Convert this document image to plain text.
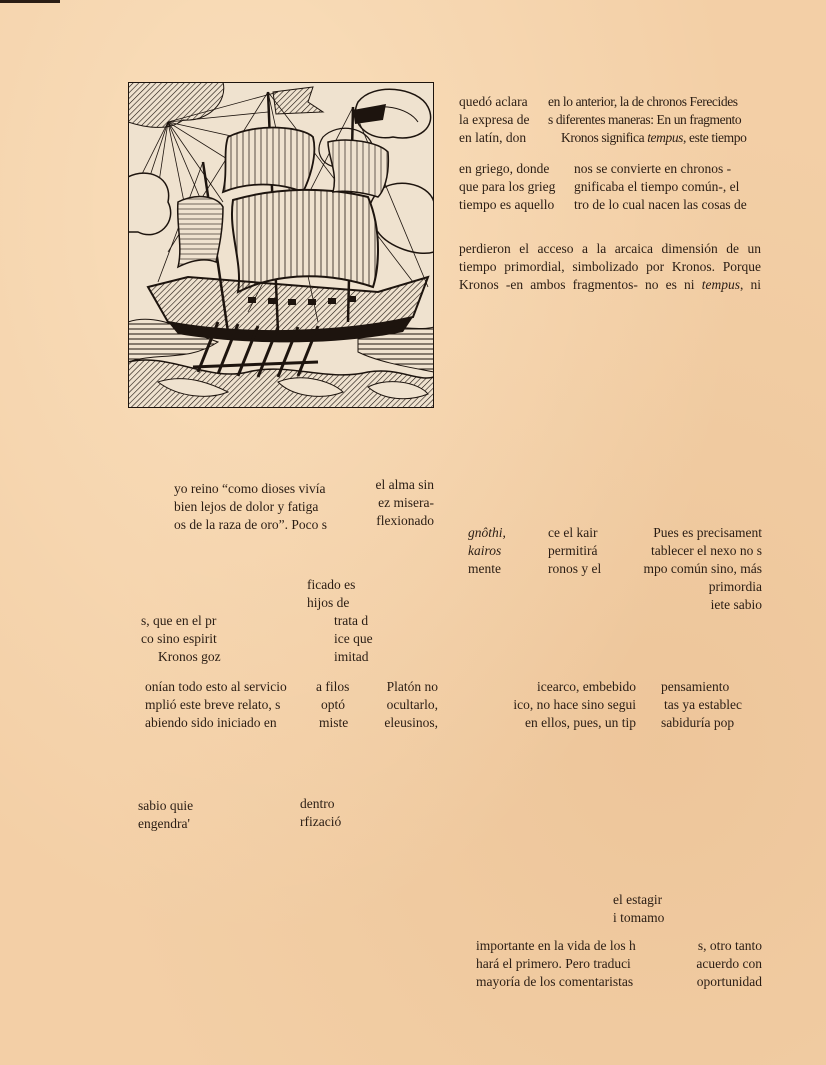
quedó aclara
la expresa de
en latín, don
en lo anterior, la de chronos Ferecides
s diferentes maneras: En un fragmento
Kronos significa tempus, este tiempo
en griego, donde
que para los grieg
tiempo es aquello
nos se convierte en chronos -
gnificaba el tiempo común-, el
tro de lo cual nacen las cosas de
perdieron el acceso a la arcaica dimensión de un
tiempo primordial, simbolizado por Kronos. Porque
Kronos -en ambos fragmentos- no es ni tempus, ni
yo reino “como dioses vivía
bien lejos de dolor y fatiga
os de la raza de oro”. Poco s
el alma sin
ez misera-
flexionado
gnôthi,
kairos
mente
ce el kair
permitirá
ronos y el
Pues es precisament
tablecer el nexo no s
mpo común sino, más
primordia
iete sabio
ficado es
hijos de
s, que en el pr
co sino espirit
Kronos goz
trata d
ice que
imitad
onían todo esto al servicio
mplió este breve relato, s
abiendo sido iniciado en
a filos
optó
miste
Platón no
ocultarlo,
eleusinos,
icearco, embebido
ico, no hace sino segui
en ellos, pues, un tip
pensamiento
tas ya establec
sabiduría pop
sabio quie
engendra'
dentro
rfizació
el estagir
i tomamo
importante en la vida de los h
hará el primero. Pero traduci
mayoría de los comentaristas
s, otro tanto
acuerdo con
oportunidad
